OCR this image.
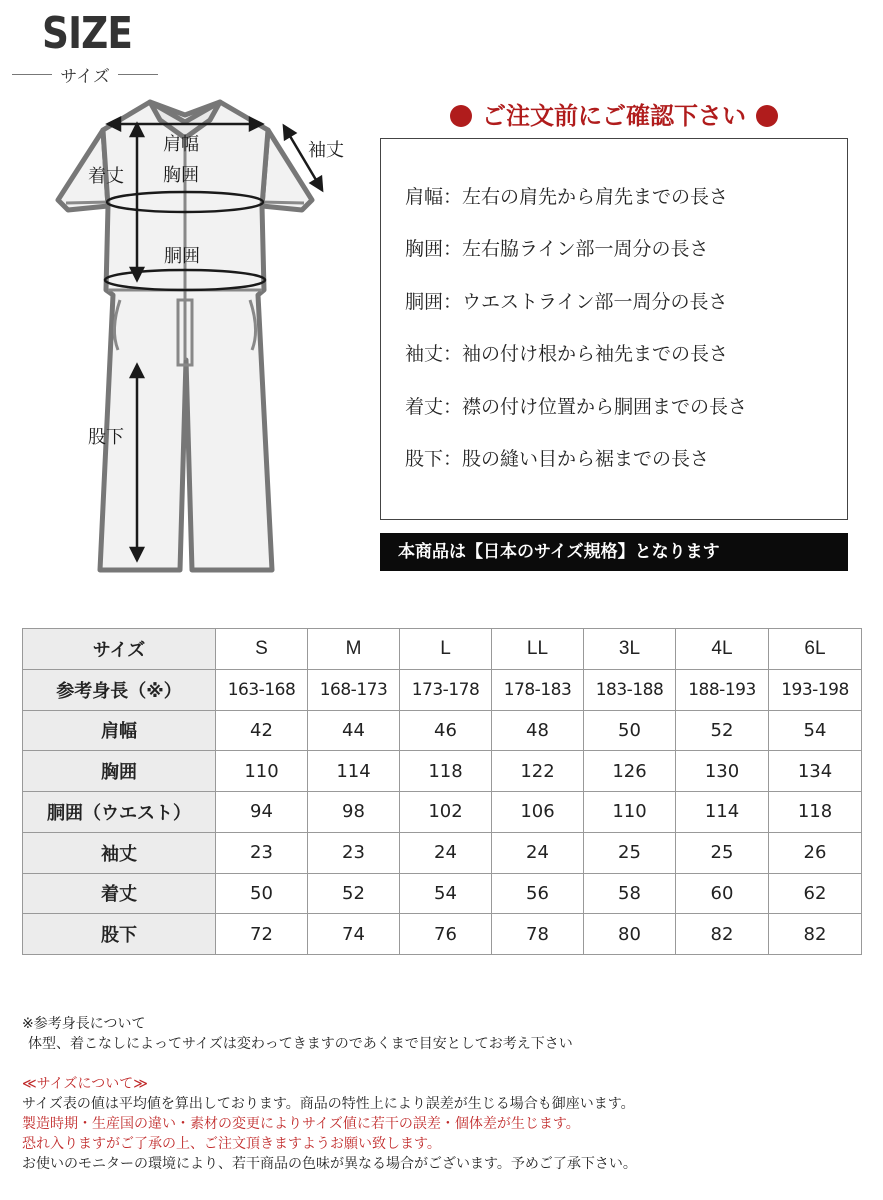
SIZE
サイズ
肩幅
胸囲
胴囲
袖丈
着丈
股下
ご注文前にご確認下さい
肩幅：左右の肩先から肩先までの長さ
胸囲：左右脇ライン部一周分の長さ
胴囲：ウエストライン部一周分の長さ
袖丈：袖の付け根から袖先までの長さ
着丈：襟の付け位置から胴囲までの長さ
股下：股の縫い目から裾までの長さ
本商品は【日本のサイズ規格】となります
サイズ	S	M	L	LL	3L	4L	6L
参考身長（※）	163-168	168-173	173-178	178-183	183-188	188-193	193-198
肩幅	42	44	46	48	50	52	54
胸囲	110	114	118	122	126	130	134
胴囲（ウエスト）	94	98	102	106	110	114	118
袖丈	23	23	24	24	25	25	26
着丈	50	52	54	56	58	60	62
股下	72	74	76	78	80	82	82

※参考身長について

体型、着こなしによってサイズは変わってきますのであくまで目安としてお考え下さい

≪サイズについて≫

サイズ表の値は平均値を算出しております。商品の特性上により誤差が生じる場合も御座います。

製造時期・生産国の違い・素材の変更によりサイズ値に若干の誤差・個体差が生じます。

恐れ入りますがご了承の上、ご注文頂きますようお願い致します。

お使いのモニターの環境により、若干商品の色味が異なる場合がございます。予めご了承下さい。
